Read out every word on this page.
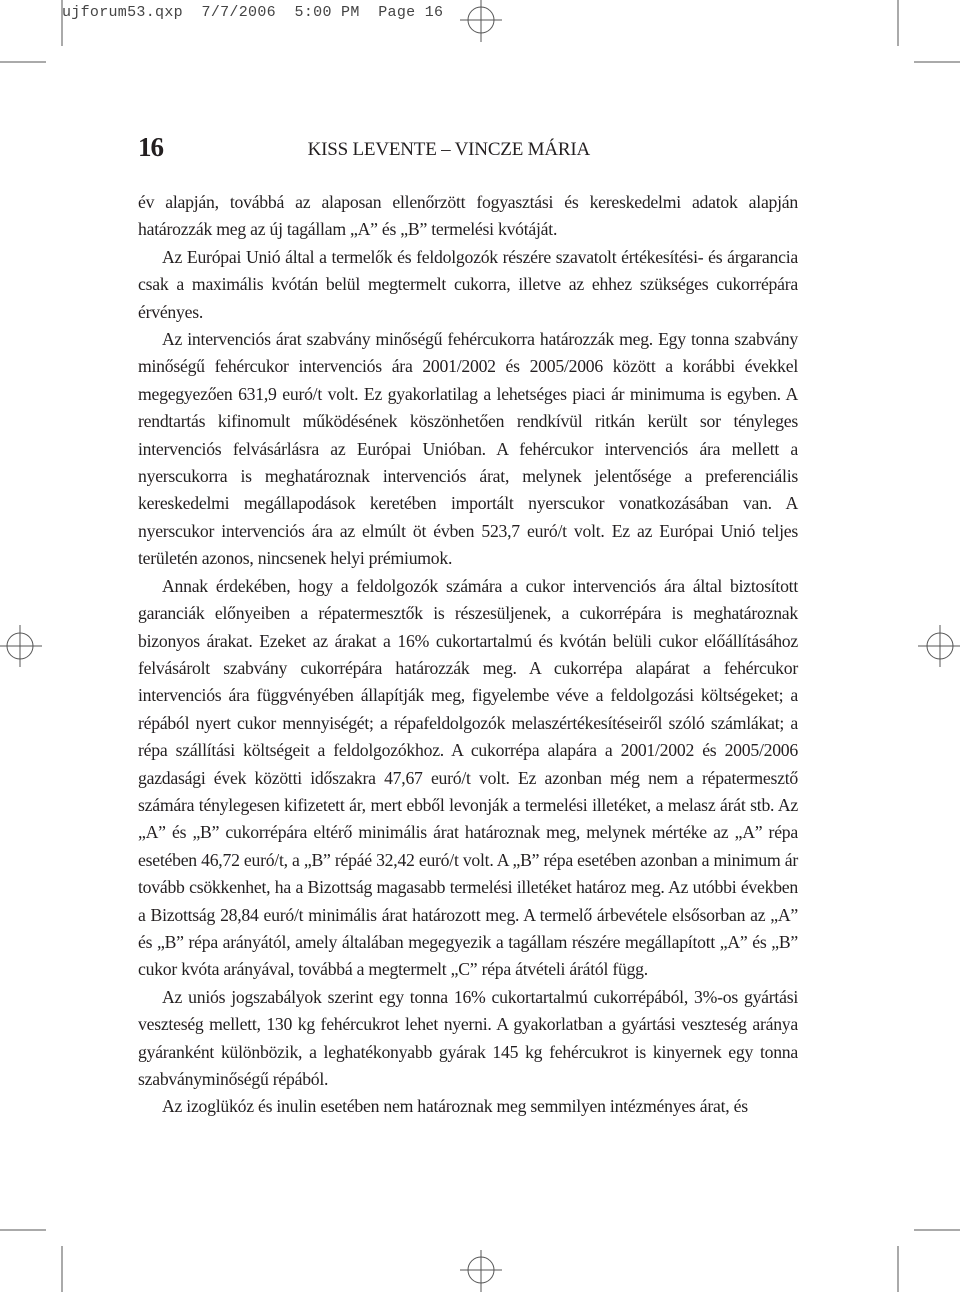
ujforum53.qxp  7/7/2006  5:00 PM  Page 16
16	KISS LEVENTE – VINCZE MÁRIA

év alapján, továbbá az alaposan ellenőrzött fogyasztási és kereskedelmi adatok alapján határozzák meg az új tagállam „A” és „B” termelési kvótáját.

Az Európai Unió által a termelők és feldolgozók részére szavatolt értékesítési- és árgarancia csak a maximális kvótán belül megtermelt cukorra, illetve az ehhez szükséges cukorrépára érvényes.

Az intervenciós árat szabvány minőségű fehércukorra határozzák meg. Egy tonna szabvány minőségű fehércukor intervenciós ára 2001/2002 és 2005/2006 között a korábbi évekkel megegyezően 631,9 euró/t volt. Ez gyakorlatilag a lehetséges piaci ár minimuma is egyben. A rendtartás kifinomult működésének köszönhetően rendkívül ritkán került sor tényleges intervenciós felvásárlásra az Európai Unióban. A fehércukor intervenciós ára mellett a nyerscukorra is meghatároznak intervenciós árat, melynek jelentősége a preferenciális kereskedelmi megállapodások keretében importált nyerscukor vonatkozásában van. A nyerscukor intervenciós ára az elmúlt öt évben 523,7 euró/t volt. Ez az Európai Unió teljes területén azonos, nincsenek helyi prémiumok.

Annak érdekében, hogy a feldolgozók számára a cukor intervenciós ára által biztosított garanciák előnyeiben a répatermesztők is részesüljenek, a cukorrépára is meghatároznak bizonyos árakat. Ezeket az árakat a 16% cukortartalmú és kvótán belüli cukor előállításához felvásárolt szabvány cukorrépára határozzák meg. A cukorrépa alapárat a fehércukor intervenciós ára függvényében állapítják meg, figyelembe véve a feldolgozási költségeket; a répából nyert cukor mennyiségét; a répafeldolgozók melaszértékesítéseiről szóló számlákat; a répa szállítási költségeit a feldolgozókhoz. A cukorrépa alapára a 2001/2002 és 2005/2006 gazdasági évek közötti időszakra 47,67 euró/t volt. Ez azonban még nem a répatermesztő számára ténylegesen kifizetett ár, mert ebből levonják a termelési illetéket, a melasz árát stb. Az „A” és „B” cukorrépára eltérő minimális árat határoznak meg, melynek mértéke az „A” répa esetében 46,72 euró/t, a „B” répáé 32,42 euró/t volt. A „B” répa esetében azonban a minimum ár tovább csökkenhet, ha a Bizottság magasabb termelési illetéket határoz meg. Az utóbbi években a Bizottság 28,84 euró/t minimális árat határozott meg. A termelő árbevétele elsősorban az „A” és „B” répa arányától, amely általában megegyezik a tagállam részére megállapított „A” és „B” cukor kvóta arányával, továbbá a megtermelt „C” répa átvételi árától függ.

Az uniós jogszabályok szerint egy tonna 16% cukortartalmú cukorrépából, 3%-os gyártási veszteség mellett, 130 kg fehércukrot lehet nyerni. A gyakorlatban a gyártási veszteség aránya gyáranként különbözik, a leghatékonyabb gyárak 145 kg fehércukrot is kinyernek egy tonna szabványminőségű répából.

Az izoglükóz és inulin esetében nem határoznak meg semmilyen intézményes árat, és
